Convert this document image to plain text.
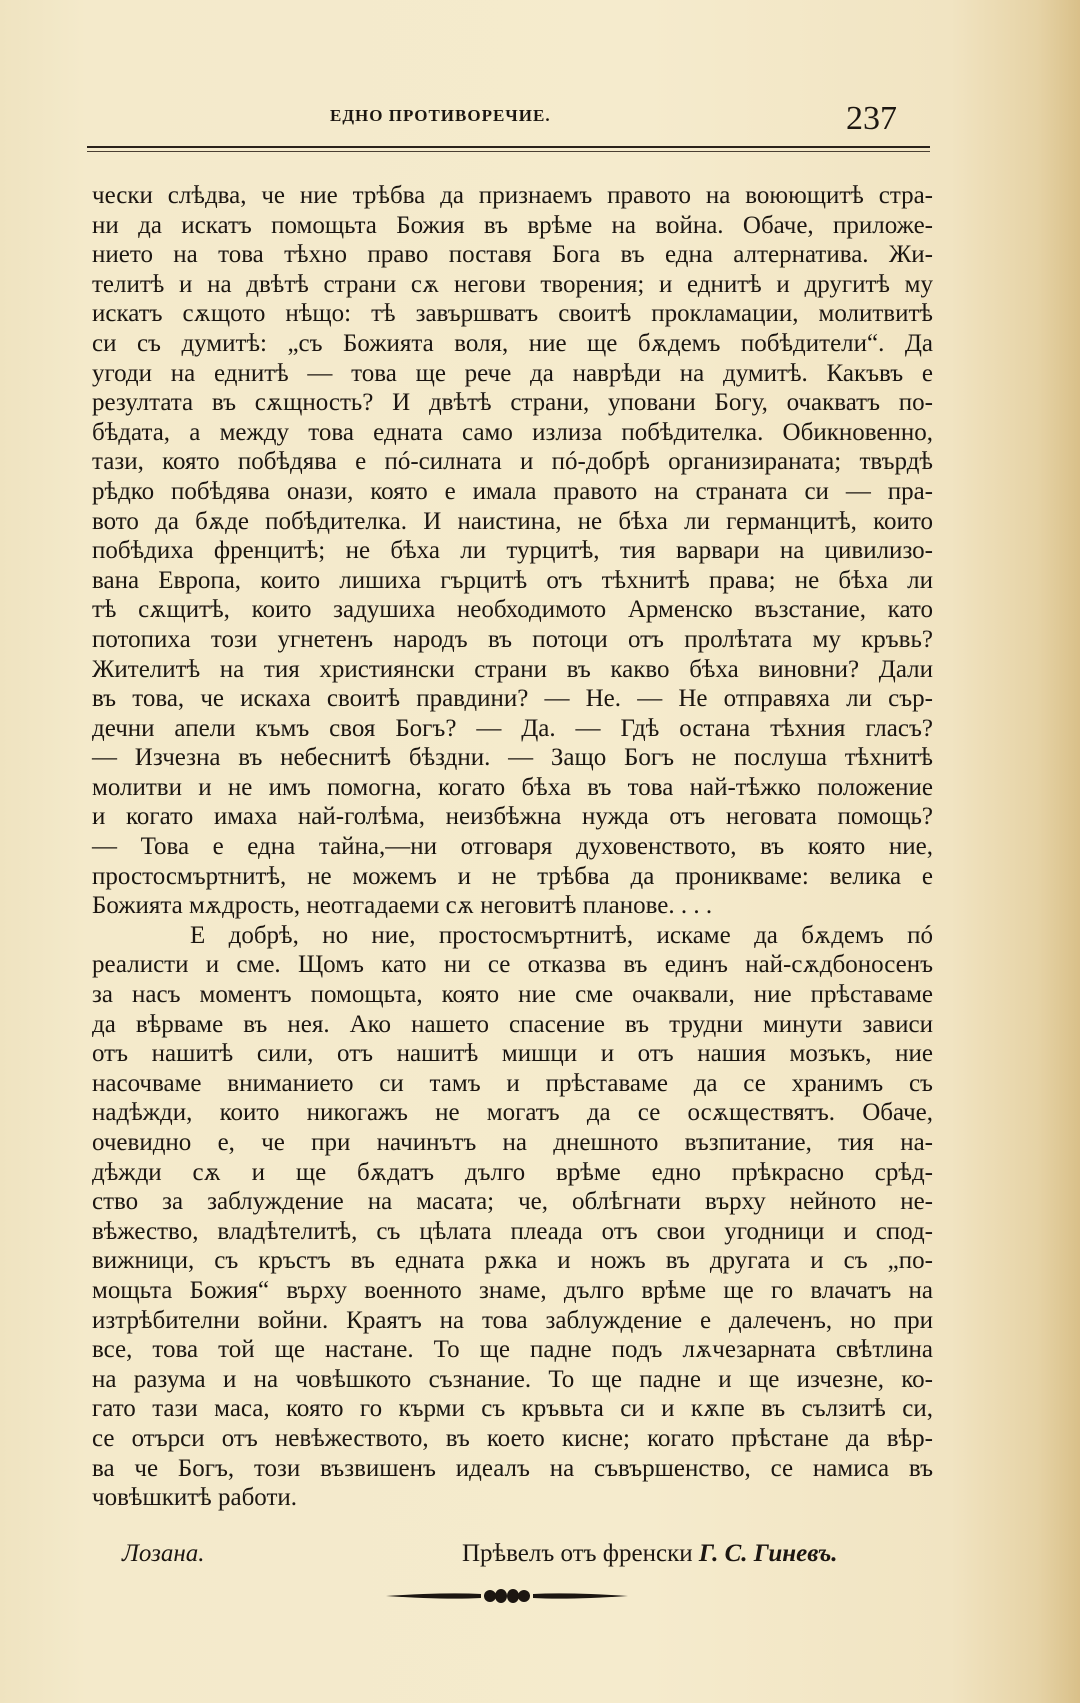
ЕДНО ПРОТИВОРЕЧИЕ.	237
чески слѣдва, че ние трѣбва да признаемъ правото на воюющитѣ стра-
ни да искатъ помощьта Божия въ врѣме на война. Обаче, приложе-
нието на това тѣхно право поставя Бога въ една алтернатива. Жи-
телитѣ и на двѣтѣ страни сѫ негови творения; и еднитѣ и другитѣ му
искатъ сѫщото нѣщо: тѣ завършватъ своитѣ прокламации, молитвитѣ
си съ думитѣ: „съ Божията воля, ние ще бѫдемъ побѣдители“. Да
угоди на еднитѣ — това ще рече да наврѣди на думитѣ. Какъвъ е
резултата въ сѫщность? И двѣтѣ страни, уповани Богу, очакватъ по-
бѣдата, а между това едната само излиза побѣдителка. Обикновенно,
тази, която побѣдява е пó-силната и пó-добрѣ организираната; твърдѣ
рѣдко побѣдява онази, която е имала правото на страната си — пра-
вото да бѫде побѣдителка. И наистина, не бѣха ли германцитѣ, които
побѣдиха френцитѣ; не бѣха ли турцитѣ, тия варвари на цивилизо-
вана Европа, които лишиха гърцитѣ отъ тѣхнитѣ права; не бѣха ли
тѣ сѫщитѣ, които задушиха необходимото Арменско възстание, като
потопиха този угнетенъ народъ въ потоци отъ пролѣтата му кръвь?
Жителитѣ на тия християнски страни въ какво бѣха виновни? Дали
въ това, че искаха своитѣ правдини? — Не. — Не отправяха ли сър-
дечни апели къмъ своя Богъ? — Да. — Гдѣ остана тѣхния гласъ?
— Изчезна въ небеснитѣ бѣздни. — Защо Богъ не послуша тѣхнитѣ
молитви и не имъ помогна, когато бѣха въ това най-тѣжко положение
и когато имаха най-голѣма, неизбѣжна нужда отъ неговата помощь?
— Това е една тайна,—ни отговаря духовенството, въ която ние,
простосмъртнитѣ, не можемъ и не трѣбва да проникваме: велика е
Божията мѫдрость, неотгадаеми сѫ неговитѣ планове. . . .
Е добрѣ, но ние, простосмъртнитѣ, искаме да бѫдемъ пó
реалисти и сме. Щомъ като ни се отказва въ единъ най-сѫдбоносенъ
за насъ моментъ помощьта, която ние сме очаквали, ние прѣставаме
да вѣрваме въ нея. Ако нашето спасение въ трудни минути зависи
отъ нашитѣ сили, отъ нашитѣ мишци и отъ нашия мозъкъ, ние
насочваме вниманието си тамъ и прѣставаме да се хранимъ съ
надѣжди, които никогажъ не могатъ да се осѫществятъ. Обаче,
очевидно е, че при начинътъ на днешното възпитание, тия на-
дѣжди сѫ и ще бѫдатъ дълго врѣме едно прѣкрасно срѣд-
ство за заблуждение на масата; че, облѣгнати върху нейното не-
вѣжество, владѣтелитѣ, съ цѣлата плеада отъ свои угодници и спод-
вижници, съ кръстъ въ едната рѫка и ножъ въ другата и съ „по-
мощьта Божия“ върху военното знаме, дълго врѣме ще го влачатъ на
изтрѣбителни войни. Краятъ на това заблуждение е далеченъ, но при
все, това той ще настане. То ще падне подъ лѫчезарната свѣтлина
на разума и на човѣшкото съзнание. То ще падне и ще изчезне, ко-
гато тази маса, която го кърми съ кръвьта си и кѫпе въ сълзитѣ си,
се отърси отъ невѣжеството, въ което кисне; когато прѣстане да вѣр-
ва че Богъ, този възвишенъ идеалъ на съвършенство, се намиса въ
човѣшкитѣ работи.
Лозана.	Прѣвелъ отъ френски Г. С. Гиневъ.
